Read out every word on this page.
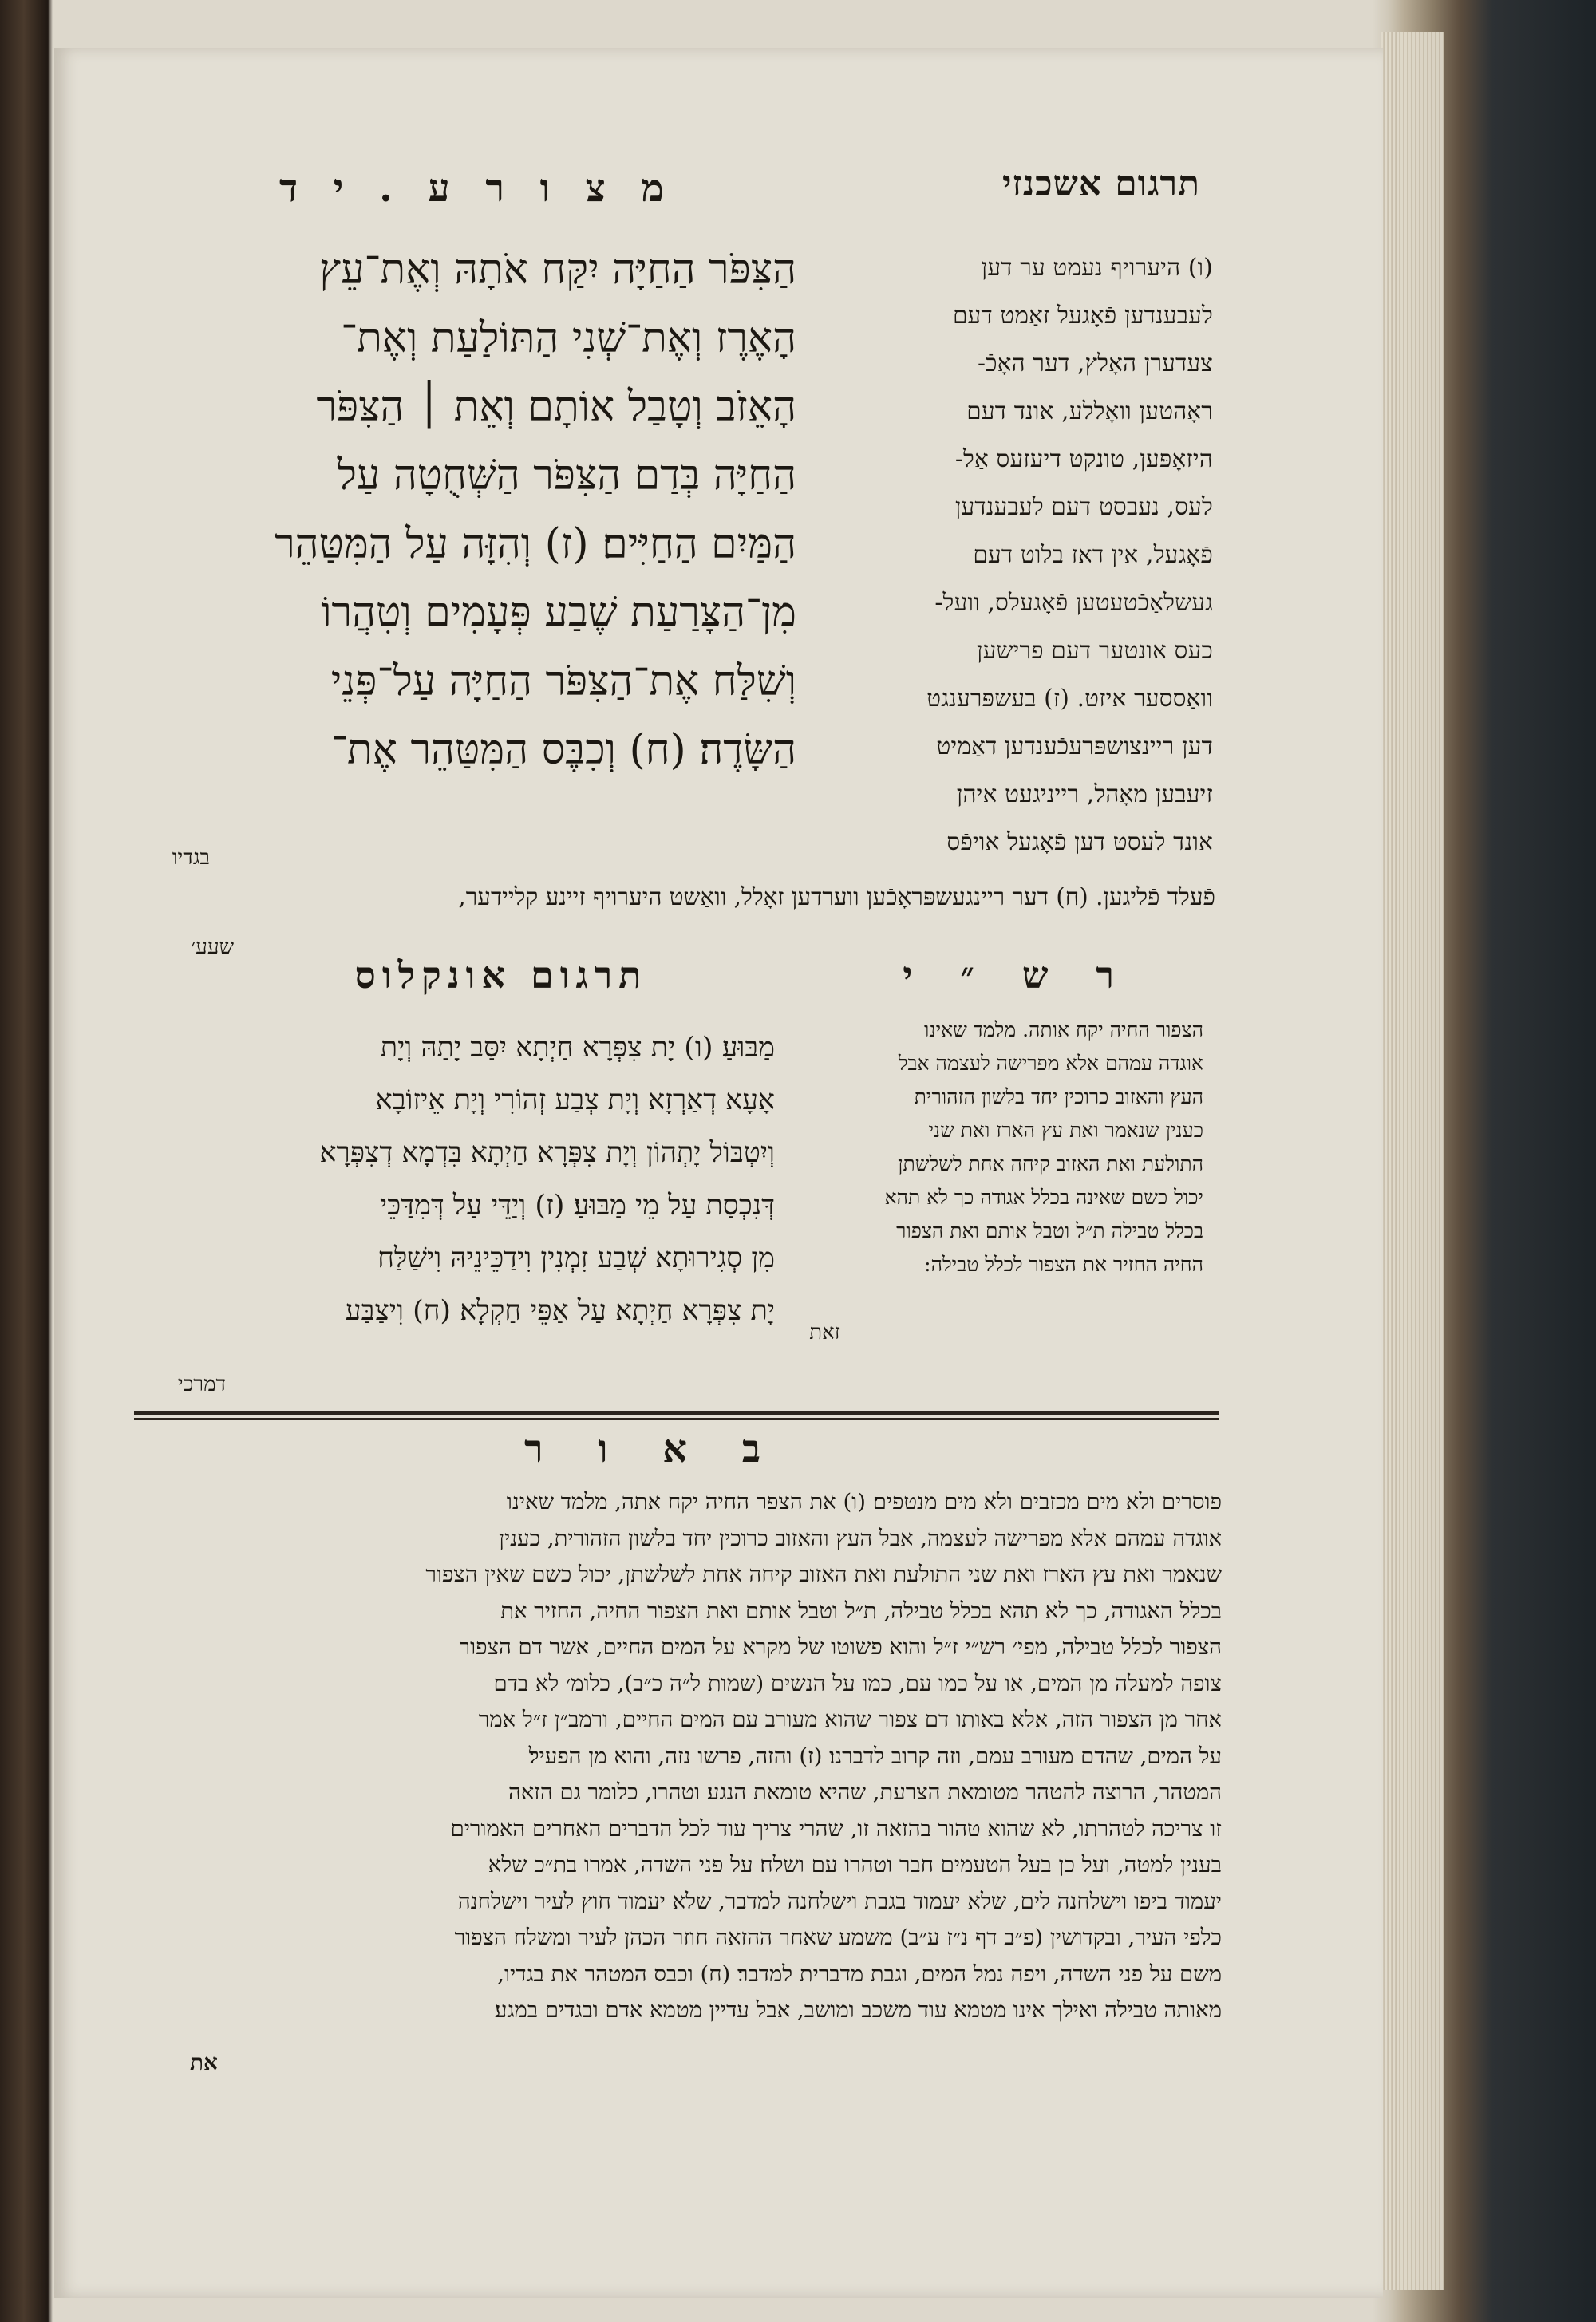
תרגום אשכנזי
מ צ ו ר ע . י ד
(ו) היערויף נעמט ער דען
לעבענדען פֿאָגעל זאַמט דעם
צעדערן האָלץ, דער האָכֿ-
ראָהטען וואָללע, אונד דעם
היזאָפּען, טונקט דיעזעס אַל-
לעס, נעבסט דעם לעבענדען
פֿאָגעל, אין דאז בלוט דעם
געשלאַכֿטעטען פֿאָגעלס, וועל-
כעס אונטער דעם פרישען
וואַססער איזט. (ז) בעשפּרענגט
דען ריינצושפּרעכֿענדען דאַמיט
זיעבען מאָהל, רייניגעט איהן
אונד לעסט דען פֿאָגעל אויפֿס
הַצִּפֹּר הַחַיָּה יִקַּח אֹתָהּ וְאֶת־עֵץ
הָאֶרֶז וְאֶת־שְׁנִי הַתּוֹלַעַת וְאֶת־
הָאֵזֹב וְטָבַל אוֹתָם וְאֵת ׀ הַצִּפֹּר
הַחַיָּה בְּדַם הַצִּפֹּר הַשְּׁחֻטָה עַל
הַמַּיִם הַחַיִּים׃ (ז) וְהִזָּה עַל הַמִּטַּהֵר
מִן־הַצָּרַעַת שֶׁבַע פְּעָמִים וְטִהֲרוֹ
וְשִׁלַּח אֶת־הַצִּפֹּר הַחַיָּה עַל־פְּנֵי
הַשָּׂדֶה׃ (ח) וְכִבֶּס הַמִּטַּהֵר אֶת־
בגדיו
פֿעלד פֿליגען. (ח) דער ריינגעשפּראָכֿען ווערדען זאָלל, וואַשט היערויף זיינע קליידער,
שעע׳
ר ש ״ י
תרגום אונקלוס
הצפור החיה יקח אותה. מלמד שאינו
אוגדה עמהם אלא מפרישה לעצמה אבל
העץ והאזוב כרוכין יחד בלשון הזהורית
כענין שנאמר ואת עץ הארז ואת שני
התולעת ואת האזוב קיחה אחת לשלשתן
יכול כשם שאינה בכלל אגודה כך לא תהא
בכלל טבילה ת״ל וטבל אותם ואת הצפור
החיה החזיר את הצפור לכלל טבילה:
מַבּוּעַ׃ (ו) יָת צִפְּרָא חַיְתָא יִסַּב יָתַהּ וְיָת
אָעָא דְאַרְזָא וְיָת צְבַע זְהוֹרִי וְיָת אֵיזוֹבָא
וְיִטְבּוֹל יָתְהוֹן וְיָת צִפְּרָא חַיְתָא בִּדְמָא דְצִפְּרָא
דְּנִכְסַת עַל מֵי מַבּוּעַ׃ (ז) וְיַדֵּי עַל דְּמִדַּכֵּי
מִן סְגִירוּתָא שְׁבַע זִמְנִין וִידַכֵּינֵיהּ וִישַׁלַּח
יָת צִפְּרָא חַיְתָא עַל אַפֵּי חַקְלָא׃ (ח) וִיצַבַּע
זאת
דמרכי
ב א ו ר
פוסרים ולא מים מכזבים ולא מים מנטפים׃ (ו) את הצפר החיה יקח אתה, מלמד שאינו
אוגדה עמהם אלא מפרישה לעצמה, אבל העץ והאזוב כרוכין יחד בלשון הזהורית, כענין
שנאמר ואת עץ הארז ואת שני התולעת ואת האזוב קיחה אחת לשלשתן, יכול כשם שאין הצפור
בכלל האגודה, כך לא תהא בכלל טבילה, ת״ל וטבל אותם ואת הצפור החיה, החזיר את
הצפור לכלל טבילה, מפי׳ רש״י ז״ל והוא פשוטו של מקרא׃ על המים החיים, אשר דם הצפור
צופה למעלה מן המים, או על כמו עם, כמו על הנשים (שמות ל״ה כ״ב), כלומ׳ לא בדם
אחר מן הצפור הזה, אלא באותו דם צפור שהוא מעורב עם המים החיים, ורמב״ן ז״ל אמר
על המים, שהדם מעורב עמם, וזה קרוב לדברנו׃ (ז) והזה, פרשו נזה, והוא מן הפעיל׃
המטהר, הרוצה להטהר מטומאת הצרעת, שהיא טומאת הנגע׃ וטהרו, כלומר גם הזאה
זו צריכה לטהרתו, לא שהוא טהור בהזאה זו, שהרי צריך עוד לכל הדברים האחרים האמורים
בענין למטה, ועל כן בעל הטעמים חבר וטהרו עם ושלח׃ על פני השדה, אמרו בת״כ שלא
יעמוד ביפו וישלחנה לים, שלא יעמוד בגבת וישלחנה למדבר, שלא יעמוד חוץ לעיר וישלחנה
כלפי העיר, ובקדושין (פ״ב דף נ״ז ע״ב) משמע שאחר ההזאה חוזר הכהן לעיר ומשלח הצפור
משם על פני השדה, ויפה נמל המים, וגבת מדברית למדבר׃ (ח) וכבס המטהר את בגדיו,
מאותה טבילה ואילך אינו מטמא עוד משכב ומושב, אבל עדיין מטמא אדם ובגדים במגע׃
את
